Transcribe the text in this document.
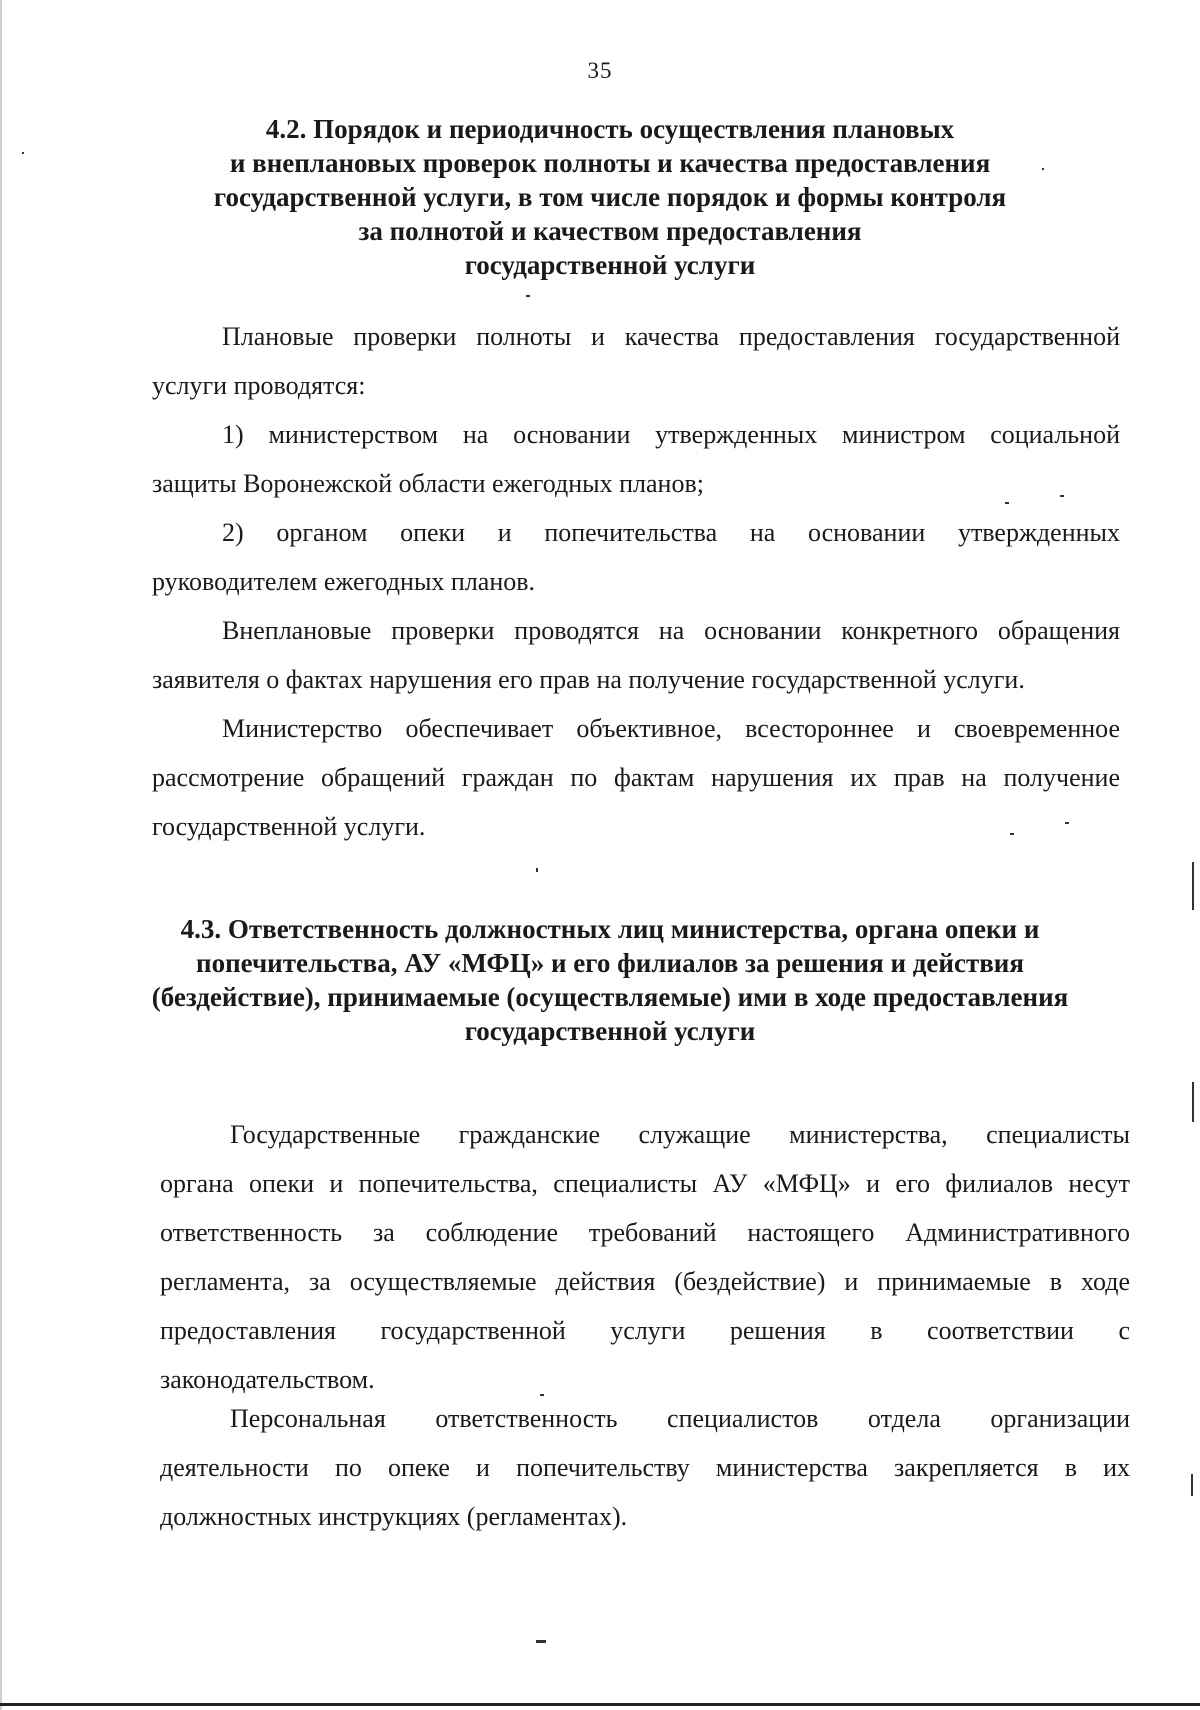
35
4.2. Порядок и периодичность осуществления плановых
и внеплановых проверок полноты и качества предоставления
государственной услуги, в том числе порядок и формы контроля
за полнотой и качеством предоставления
государственной услуги
Плановые проверки полноты и качества предоставления государственной
услуги проводятся:
1) министерством на основании утвержденных министром социальной
защиты Воронежской области ежегодных планов;
2) органом опеки и попечительства на основании утвержденных
руководителем ежегодных планов.
Внеплановые проверки проводятся на основании конкретного обращения
заявителя о фактах нарушения его прав на получение государственной услуги.
Министерство обеспечивает объективное, всестороннее и своевременное
рассмотрение обращений граждан по фактам нарушения их прав на получение
государственной услуги.
4.3. Ответственность должностных лиц министерства, органа опеки и
попечительства, АУ «МФЦ» и его филиалов за решения и действия
(бездействие), принимаемые (осуществляемые) ими в ходе предоставления
государственной услуги
Государственные гражданские служащие министерства, специалисты
органа опеки и попечительства, специалисты АУ «МФЦ» и его филиалов несут
ответственность за соблюдение требований настоящего Административного
регламента, за осуществляемые действия (бездействие) и принимаемые в ходе
предоставления государственной услуги решения в соответствии с
законодательством.
Персональная ответственность специалистов отдела организации
деятельности по опеке и попечительству министерства закрепляется в их
должностных инструкциях (регламентах).
